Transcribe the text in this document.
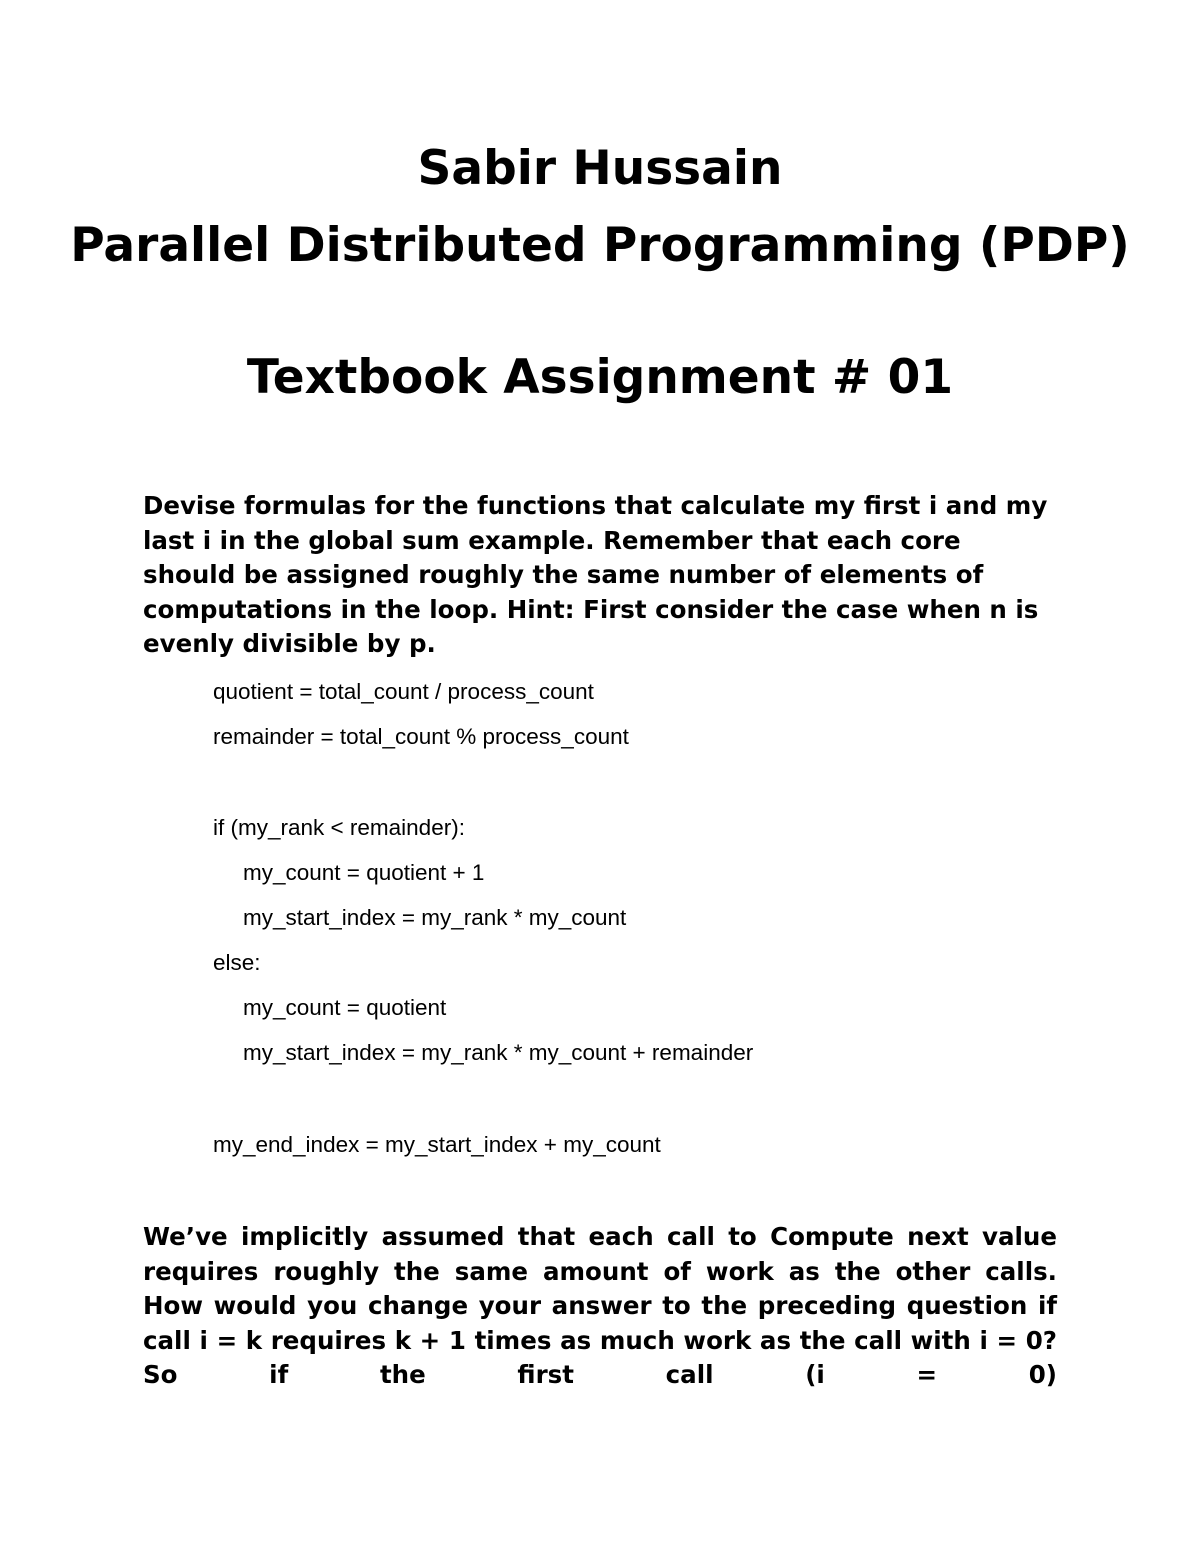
Sabir Hussain
Parallel Distributed Programming (PDP)
Textbook Assignment # 01

Devise formulas for the functions that calculate my first i and my last i in the global sum example. Remember that each core should be assigned roughly the same number of elements of computations in the loop. Hint: First consider the case when n is evenly divisible by p.

quotient = total_count / process_count
remainder = total_count % process_count
if (my_rank < remainder):
my_count = quotient + 1
my_start_index = my_rank * my_count
else:
my_count = quotient
my_start_index = my_rank * my_count + remainder
my_end_index = my_start_index + my_count

We’ve implicitly assumed that each call to Compute next value requires roughly the same amount of work as the other calls. How would you change your answer to the preceding question if call i = k requires k + 1 times as much work as the call with i = 0? So if the first call (i = 0)
